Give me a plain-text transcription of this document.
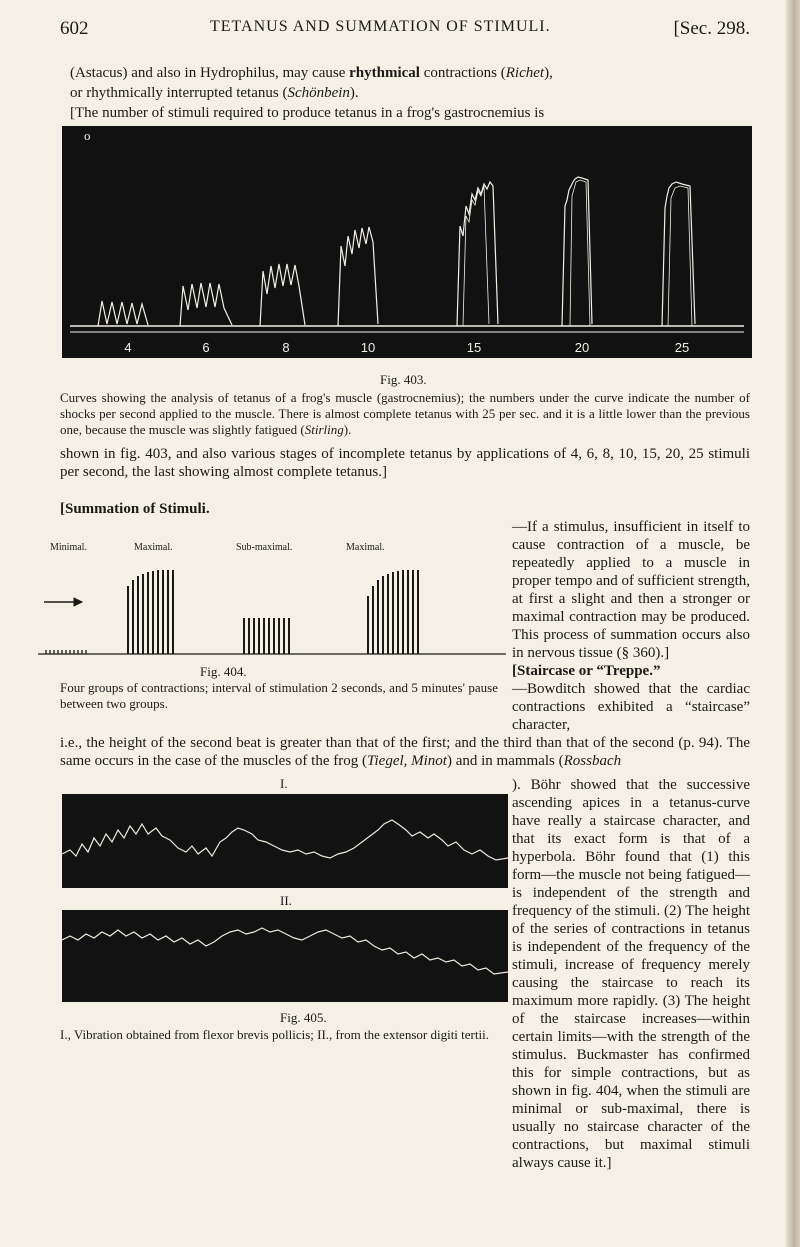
602	TETANUS AND SUMMATION OF STIMULI.	[Sec. 298.

(Astacus) and also in Hydrophilus, may cause rhythmical contractions (Richet),

or rhythmically interrupted tetanus (Schönbein).

[The number of stimuli required to produce tetanus in a frog's gastrocnemius is

o
4	6	8	10	15	20	25
Fig. 403.

Curves showing the analysis of tetanus of a frog's muscle (gastrocnemius); the numbers under the curve indicate the number of shocks per second applied to the muscle. There is almost complete tetanus with 25 per sec. and it is a little lower than the previous one, because the muscle was slightly fatigued (Stirling).

shown in fig. 403, and also various stages of incomplete tetanus by applications of 4, 6, 8, 10, 15, 20, 25 stimuli per second, the last showing almost complete tetanus.]

[Summation of Stimuli.

—If a stimulus, insufficient in itself to cause contraction of a muscle, be repeatedly applied to a muscle in proper tempo and of sufficient strength, at first a slight and then a stronger or maximal contraction may be produced. This process of summation occurs also in nervous tissue (§ 360).]

Minimal.	Maximal.	Sub-maximal.	Maximal.
Fig. 404.

Four groups of contractions; interval of stimulation 2 seconds, and 5 minutes' pause between two groups.

[Staircase or “Treppe.”

—Bowditch showed that the cardiac contractions exhibited a “staircase” character,

i.e., the height of the second beat is greater than that of the first; and the third than that of the second (p. 94). The same occurs in the case of the muscles of the frog (Tiegel, Minot) and in mammals (Rossbach

I.
II.
Fig. 405.

I., Vibration obtained from flexor brevis pollicis; II., from the extensor digiti tertii.

). Böhr showed that the successive ascending apices in a tetanus-curve have really a staircase character, and that its exact form is that of a hyperbola. Böhr found that (1) this form—the muscle not being fatigued—is independent of the strength and frequency of the stimuli. (2) The height of the series of contractions in tetanus is independent of the frequency of the stimuli, increase of frequency merely causing the staircase to reach its maximum more rapidly. (3) The height of the staircase increases—within certain limits—with the strength of the stimulus. Buckmaster has confirmed this for simple contractions, but as shown in fig. 404, when the stimuli are minimal or sub-maximal, there is usually no staircase character of the contractions, but maximal stimuli always cause it.]
